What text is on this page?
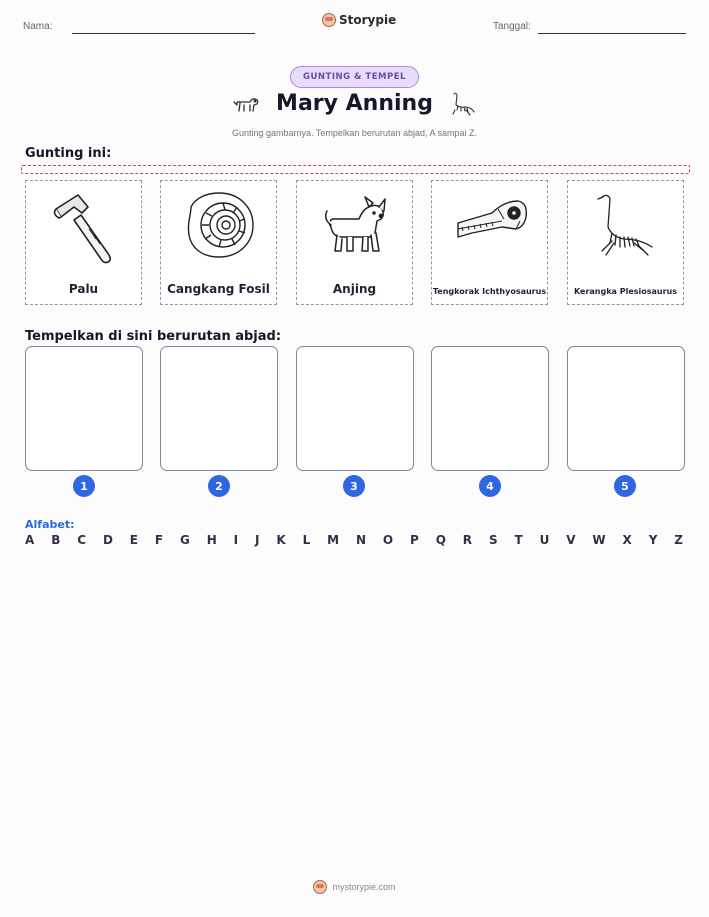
Nama:	Storypie	Tanggal:
GUNTING & TEMPEL
Mary Anning
Gunting gambarnya. Tempelkan berurutan abjad, A sampai Z.
Gunting ini:
Palu	Cangkang Fosil	Anjing	Tengkorak Ichthyosaurus	Kerangka Plesiosaurus
Tempelkan di sini berurutan abjad:
1	2	3	4	5
Alfabet:
A B C D E F G H I J K L M N O P Q R S T U V W X Y Z
mystorypie.com
